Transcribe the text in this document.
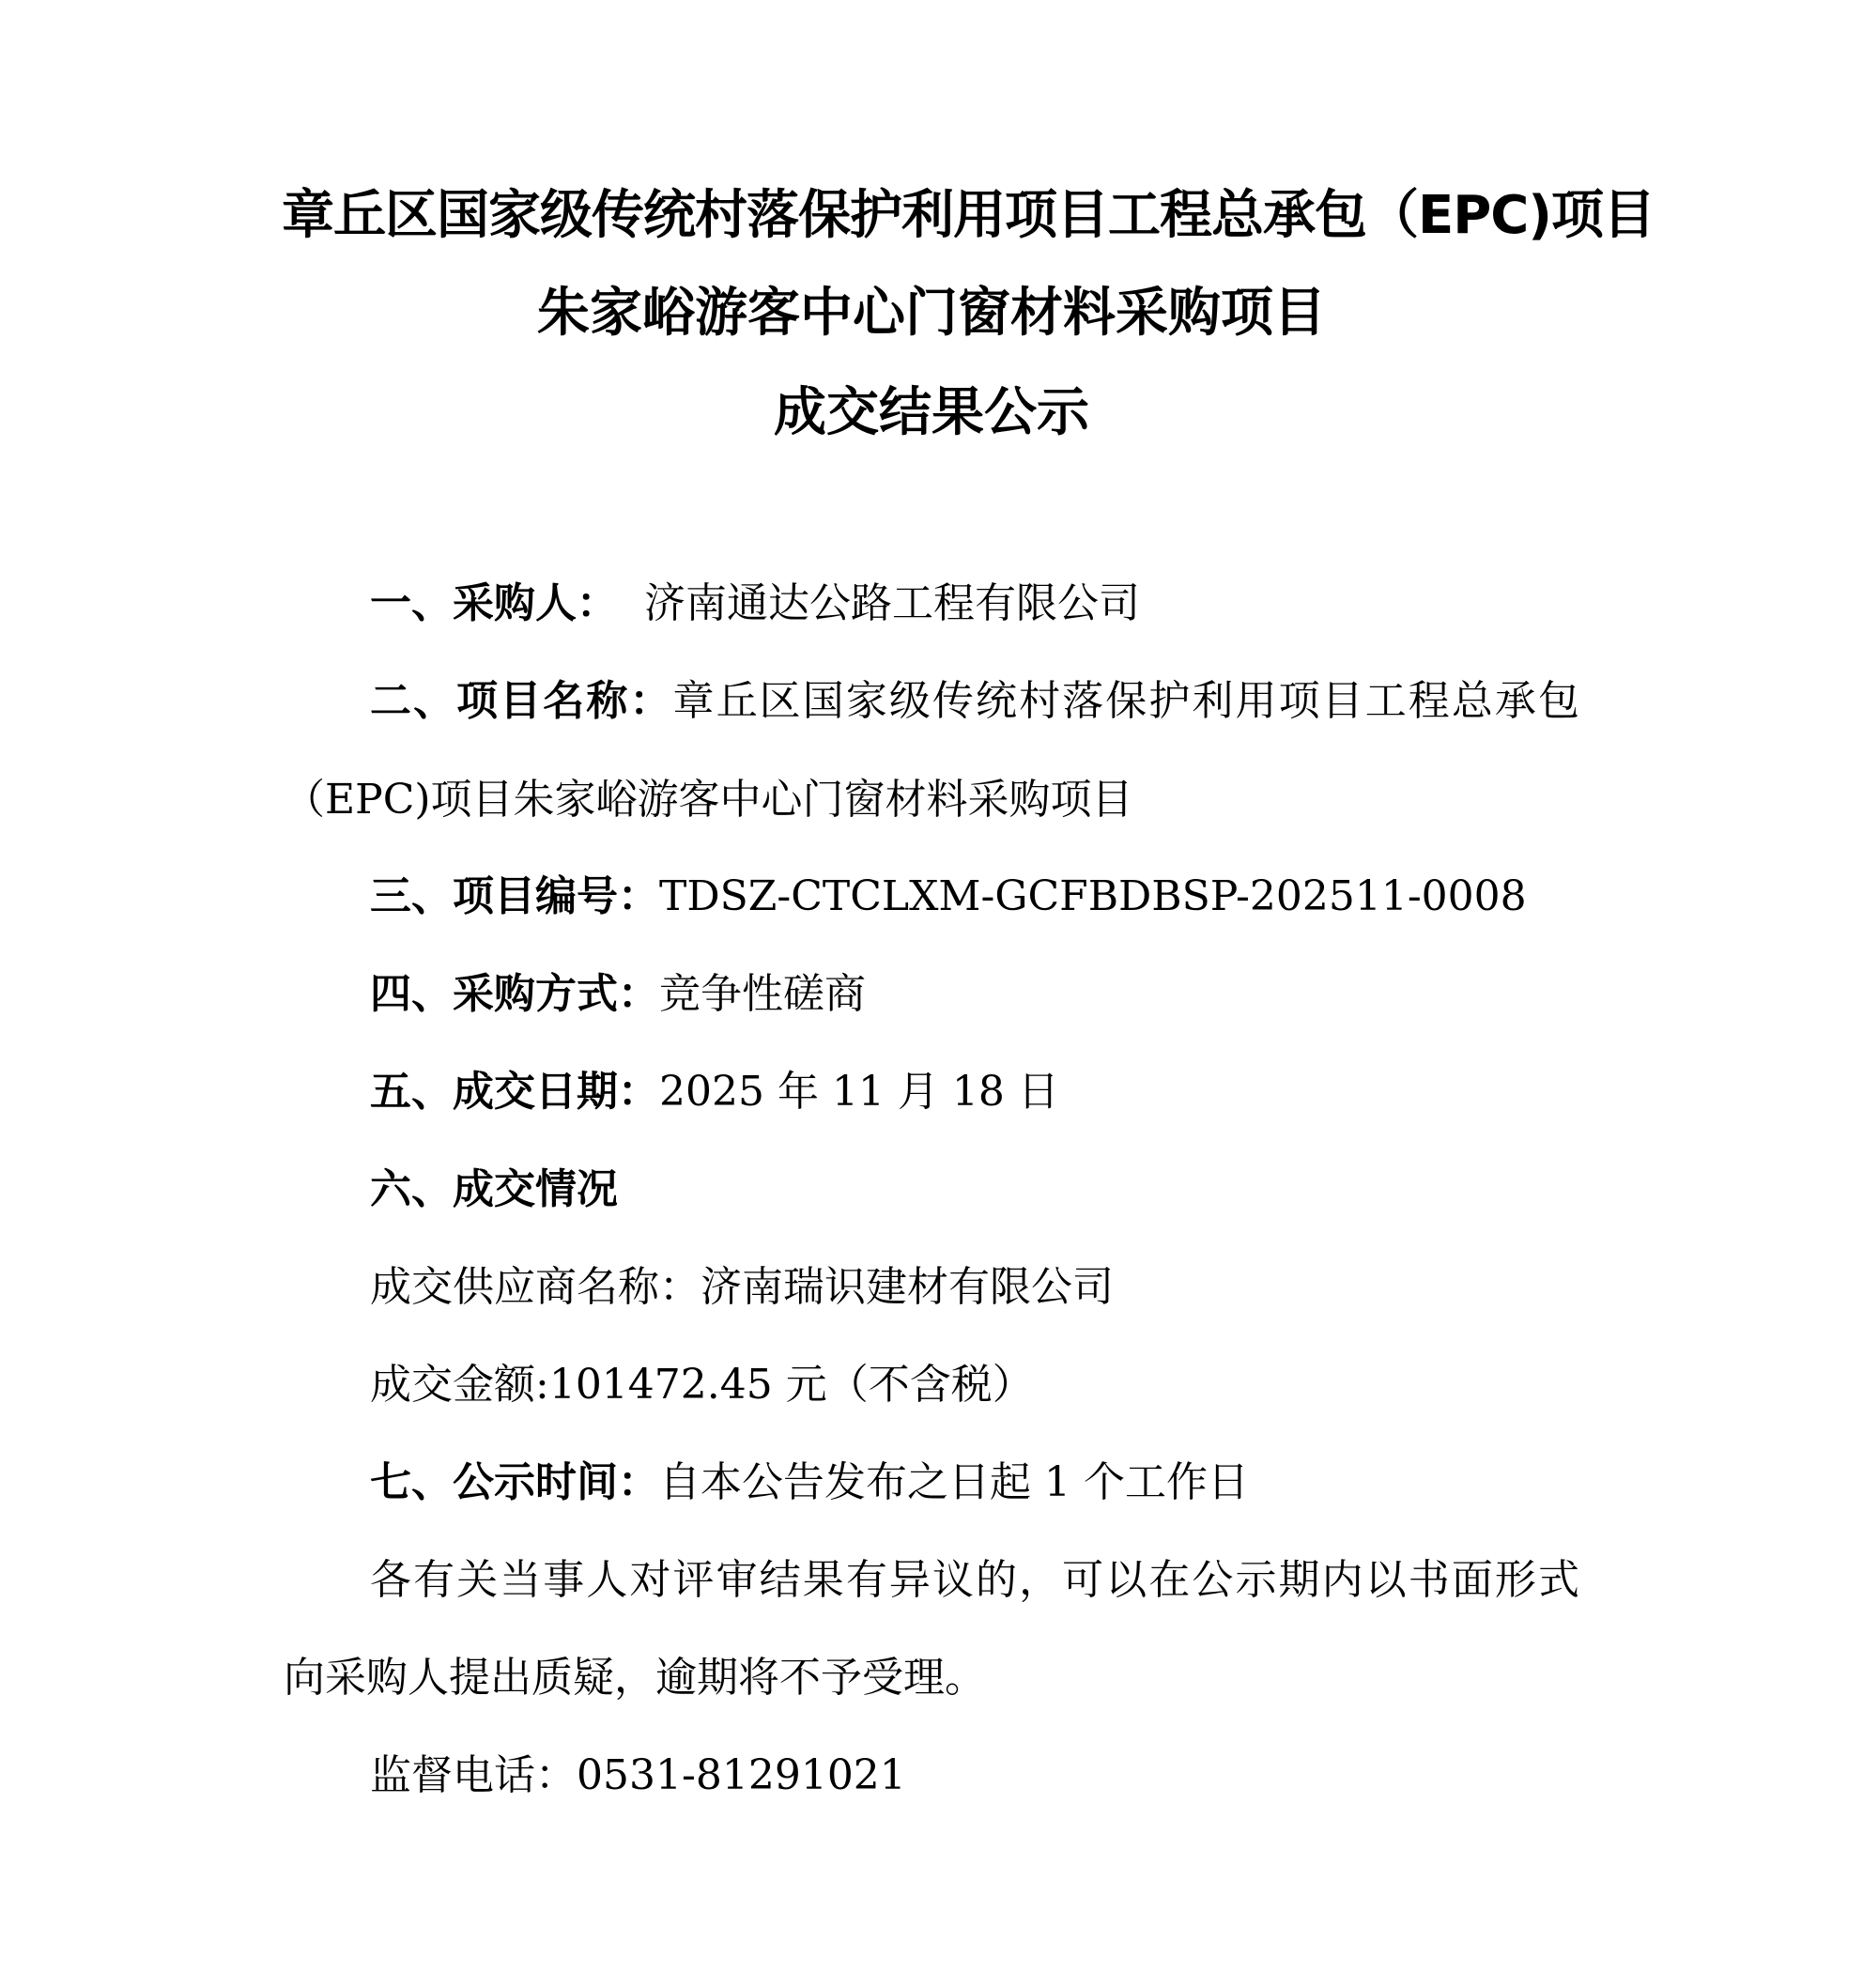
章丘区国家级传统村落保护利用项目工程总承包（EPC)项目
朱家峪游客中心门窗材料采购项目
成交结果公示

一、采购人： 济南通达公路工程有限公司

二、项目名称：章丘区国家级传统村落保护利用项目工程总承包

（EPC)项目朱家峪游客中心门窗材料采购项目

三、项目编号：TDSZ-CTCLXM-GCFBDBSP-202511-0008

四、采购方式：竞争性磋商

五、成交日期：2025 年 11 月 18 日

六、成交情况

成交供应商名称：济南瑞识建材有限公司

成交金额:101472.45 元（不含税）

七、公示时间：自本公告发布之日起 1 个工作日

各有关当事人对评审结果有异议的，可以在公示期内以书面形式

向采购人提出质疑，逾期将不予受理。

监督电话：0531-81291021
